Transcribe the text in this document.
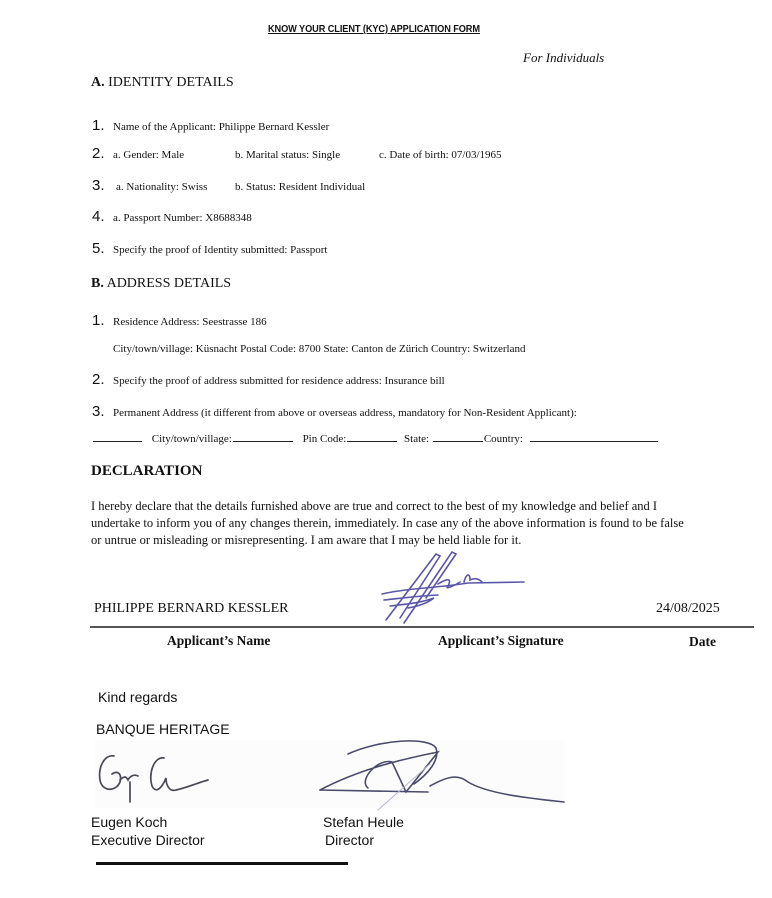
KNOW YOUR CLIENT (KYC) APPLICATION FORM
For Individuals
A. IDENTITY DETAILS
1. Name of the Applicant: Philippe Bernard Kessler
2. a. Gender: Male	b. Marital status: Single	c. Date of birth: 07/03/1965
3.	a. Nationality: Swiss	b. Status: Resident Individual
4. a. Passport Number: X8688348
5. Specify the proof of Identity submitted: Passport
B. ADDRESS DETAILS
1. Residence Address: Seestrasse 186
City/town/village: Küsnacht Postal Code: 8700 State: Canton de Zürich Country: Switzerland
2. Specify the proof of address submitted for residence address: Insurance bill
3. Permanent Address (it different from above or overseas address, mandatory for Non-Resident Applicant):
City/town/village:	Pin Code:	State:	Country:
DECLARATION
I hereby declare that the details furnished above are true and correct to the best of my knowledge and belief and I undertake to inform you of any changes therein, immediately. In case any of the above information is found to be false or untrue or misleading or misrepresenting. I am aware that I may be held liable for it.
PHILIPPE BERNARD KESSLER	24/08/2025
Applicant’s Name	Applicant’s Signature	Date
Kind regards
BANQUE HERITAGE
Eugen Koch
Executive Director
Stefan Heule
Director
